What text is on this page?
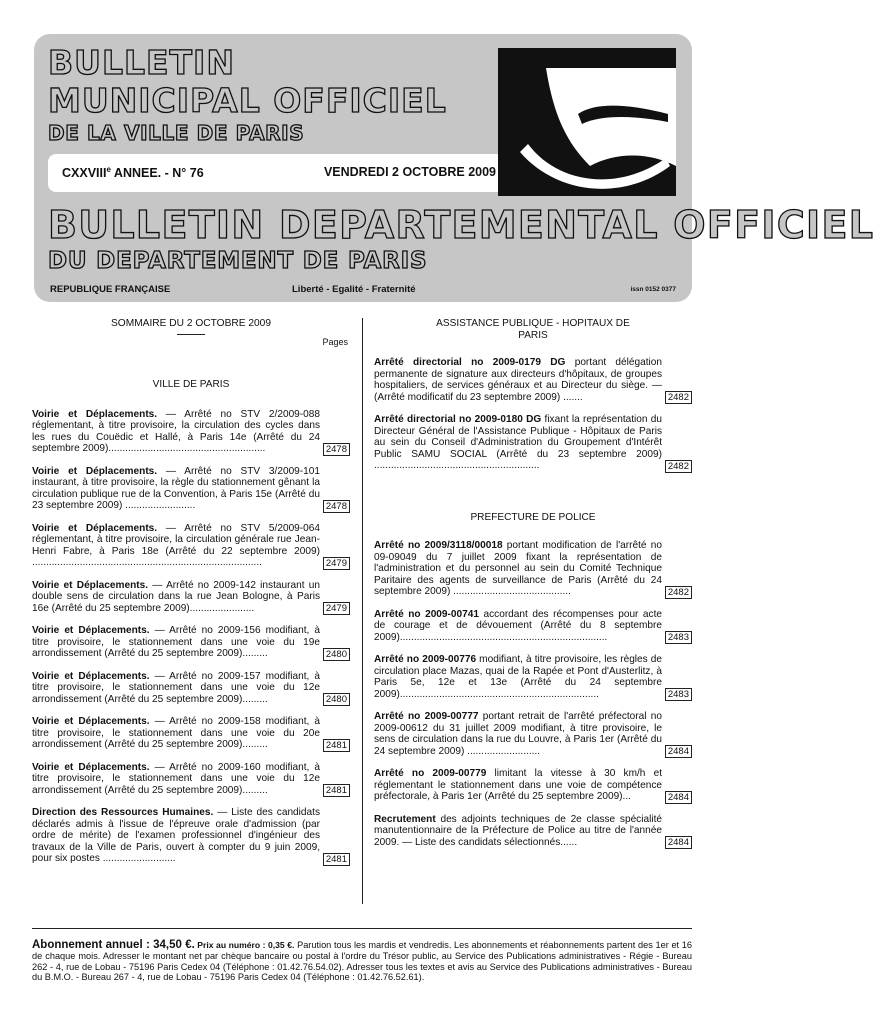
BULLETIN
MUNICIPAL OFFICIEL
DE LA VILLE DE PARIS
CXXVIIIe ANNEE. - N° 76	VENDREDI 2 OCTOBRE 2009
BULLETIN DEPARTEMENTAL OFFICIEL
DU DEPARTEMENT DE PARIS
REPUBLIQUE FRANÇAISE	Liberté - Egalité - Fraternité	issn 0152 0377
SOMMAIRE DU 2 OCTOBRE 2009
Pages
VILLE DE PARIS
Voirie et Déplacements. — Arrêté no STV 2/2009-088 réglementant, à titre provisoire, la circulation des cycles dans les rues du Couëdic et Hallé, à Paris 14e (Arrêté du 24 septembre 2009)........................................................	2478
Voirie et Déplacements. — Arrêté no STV 3/2009-101 instaurant, à titre provisoire, la règle du stationnement gênant la circulation publique rue de la Convention, à Paris 15e (Arrêté du 23 septembre 2009) .........................	2478
Voirie et Déplacements. — Arrêté no STV 5/2009-064 réglementant, à titre provisoire, la circulation générale rue Jean-Henri Fabre, à Paris 18e (Arrêté du 22 septembre 2009) ..................................................................................	2479
Voirie et Déplacements. — Arrêté no 2009-142 instaurant un double sens de circulation dans la rue Jean Bologne, à Paris 16e (Arrêté du 25 septembre 2009).......................	2479
Voirie et Déplacements. — Arrêté no 2009-156 modifiant, à titre provisoire, le stationnement dans une voie du 19e arrondissement (Arrêté du 25 septembre 2009).........	2480
Voirie et Déplacements. — Arrêté no 2009-157 modifiant, à titre provisoire, le stationnement dans une voie du 12e arrondissement (Arrêté du 25 septembre 2009).........	2480
Voirie et Déplacements. — Arrêté no 2009-158 modifiant, à titre provisoire, le stationnement dans une voie du 20e arrondissement (Arrêté du 25 septembre 2009).........	2481
Voirie et Déplacements. — Arrêté no 2009-160 modifiant, à titre provisoire, le stationnement dans une voie du 12e arrondissement (Arrêté du 25 septembre 2009).........	2481
Direction des Ressources Humaines. — Liste des candidats déclarés admis à l'issue de l'épreuve orale d'admission (par ordre de mérite) de l'examen professionnel d'ingénieur des travaux de la Ville de Paris, ouvert à compter du 9 juin 2009, pour six postes ..........................	2481
ASSISTANCE PUBLIQUE - HOPITAUX DE PARIS
Arrêté directorial no 2009-0179 DG portant délégation permanente de signature aux directeurs d'hôpitaux, de groupes hospitaliers, de services généraux et au Directeur du siège. — (Arrêté modificatif du 23 septembre 2009) .......	2482
Arrêté directorial no 2009-0180 DG fixant la représentation du Directeur Général de l'Assistance Publique - Hôpitaux de Paris au sein du Conseil d'Administration du Groupement d'Intérêt Public SAMU SOCIAL (Arrêté du 23 septembre 2009) ...........................................................	2482
PREFECTURE DE POLICE
Arrêté no 2009/3118/00018 portant modification de l'arrêté no 09-09049 du 7 juillet 2009 fixant la représentation de l'administration et du personnel au sein du Comité Technique Paritaire des agents de surveillance de Paris (Arrêté du 24 septembre 2009) ..........................................	2482
Arrêté no 2009-00741 accordant des récompenses pour acte de courage et de dévouement (Arrêté du 8 septembre 2009)..........................................................................	2483
Arrêté no 2009-00776 modifiant, à titre provisoire, les règles de circulation place Mazas, quai de la Rapée et Pont d'Austerlitz, à Paris 5e, 12e et 13e (Arrêté du 24 septembre 2009).......................................................................	2483
Arrêté no 2009-00777 portant retrait de l'arrêté préfectoral no 2009-00612 du 31 juillet 2009 modifiant, à titre provisoire, le sens de circulation dans la rue du Louvre, à Paris 1er (Arrêté du 24 septembre 2009) ..........................	2484
Arrêté no 2009-00779 limitant la vitesse à 30 km/h et réglementant le stationnement dans une voie de compétence préfectorale, à Paris 1er (Arrêté du 25 septembre 2009)...	2484
Recrutement des adjoints techniques de 2e classe spécialité manutentionnaire de la Préfecture de Police au titre de l'année 2009. — Liste des candidats sélectionnés......	2484
Abonnement annuel : 34,50 €. Prix au numéro : 0,35 €. Parution tous les mardis et vendredis. Les abonnements et réabonnements partent des 1er et 16 de chaque mois. Adresser le montant net par chèque bancaire ou postal à l'ordre du Trésor public, au Service des Publications administratives - Régie - Bureau 262 - 4, rue de Lobau - 75196 Paris Cedex 04 (Téléphone : 01.42.76.54.02). Adresser tous les textes et avis au Service des Publications administratives - Bureau du B.M.O. - Bureau 267 - 4, rue de Lobau - 75196 Paris Cedex 04 (Téléphone : 01.42.76.52.61).
